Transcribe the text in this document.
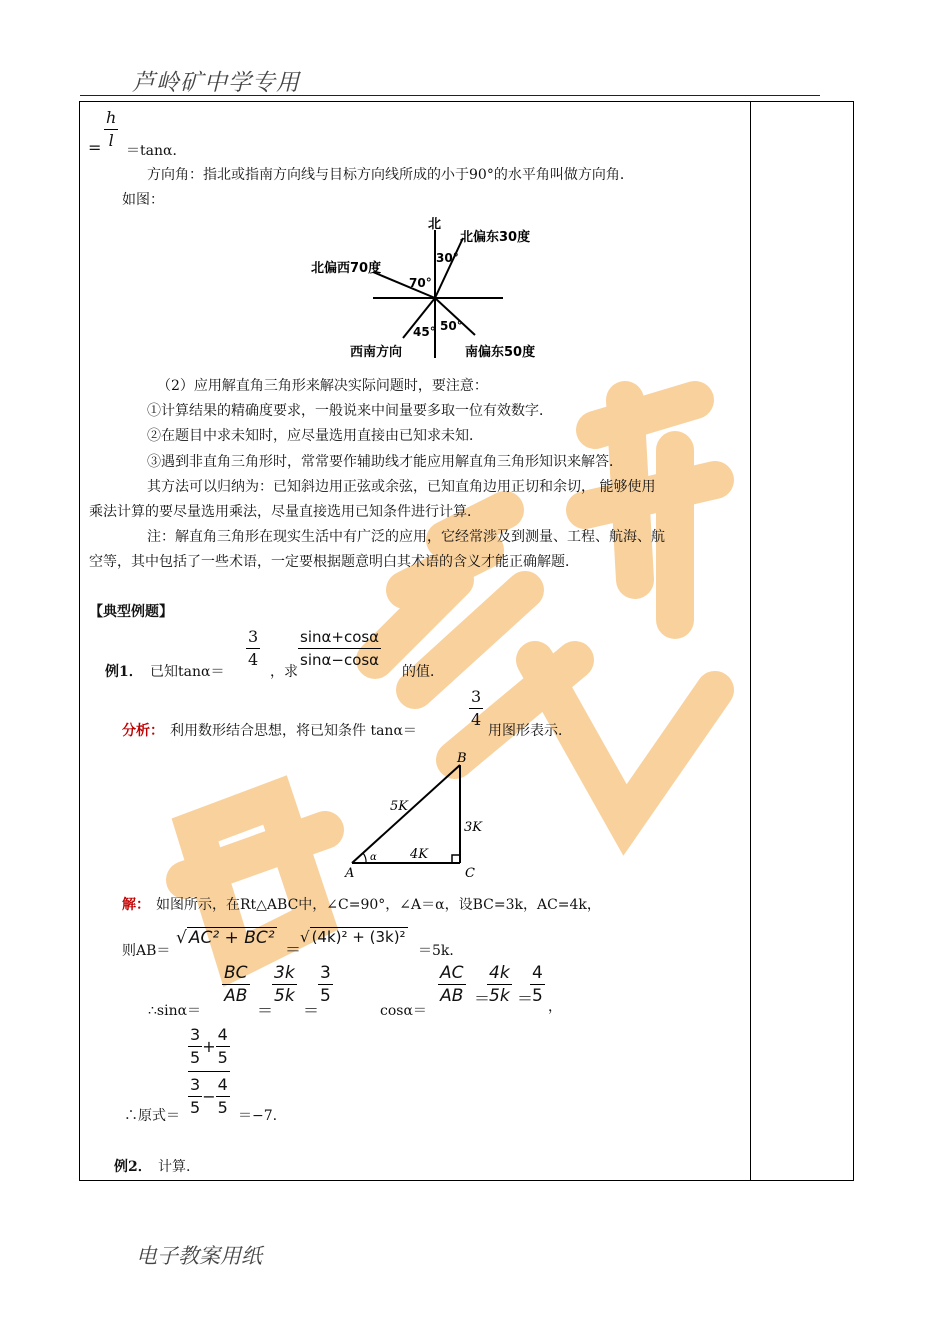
芦岭矿中学专用
电子教案用纸
= $\frac{h}{l} =\tan\alpha$．
方向角：指北或指南方向线与目标方向线所成的小于90°的水平角叫做方向角．
如图：
北
北偏东30度
北偏西70度
西南方向	南偏东50度
30°
70°
45° 50°
（2）应用解直角三角形来解决实际问题时，要注意：
①计算结果的精确度要求，一般说来中间量要多取一位有效数字．
②在题目中求未知时，应尽量选用直接由已知求未知．
③遇到非直角三角形时，常常要作辅助线才能应用解直角三角形知识来解答．
其方法可以归纳为：已知斜边用正弦或余弦，已知直角边用正切和余切， 能够使用
乘法计算的要尽量选用乘法，尽量直接选用已知条件进行计算．
注：解直角三角形在现实生活中有广泛的应用，它经常涉及到测量、工程、航海、航
空等，其中包括了一些术语，一定要根据题意明白其术语的含义才能正确解题．
【典型例题】
例1． 已知tanα＝
$\frac{3}{4}$
，求
$\frac{\sin\alpha+\cos\alpha}{\sin\alpha-\cos\alpha}$
的值．
分析： 利用数形结合思想，将已知条件 tanα＝	$\frac{3}{4}$ 用图形表示．
A
B
C
5K
3K
4K
α
解： 如图所示，在Rt△ABC中，∠C=90°，∠A＝α，设BC=3k，AC=4k，
则AB＝
√ AC² + BC²
＝
√ (4k)² + (3k)²
＝5k．
∴sinα＝
$\frac{BC}{AB}$
＝
$\frac{3k}{5k}$
＝
$\frac{3}{5}$
cosα＝
$\frac{AC}{AB}$ ＝
$\frac{4k}{5k}$ ＝
$\frac{4}{5}$ ，
∴原式＝ $\frac{\frac{3}{5} + \frac{4}{5}}{\frac{3}{5} - \frac{4}{5}} =-7$.
例2． 计算.
